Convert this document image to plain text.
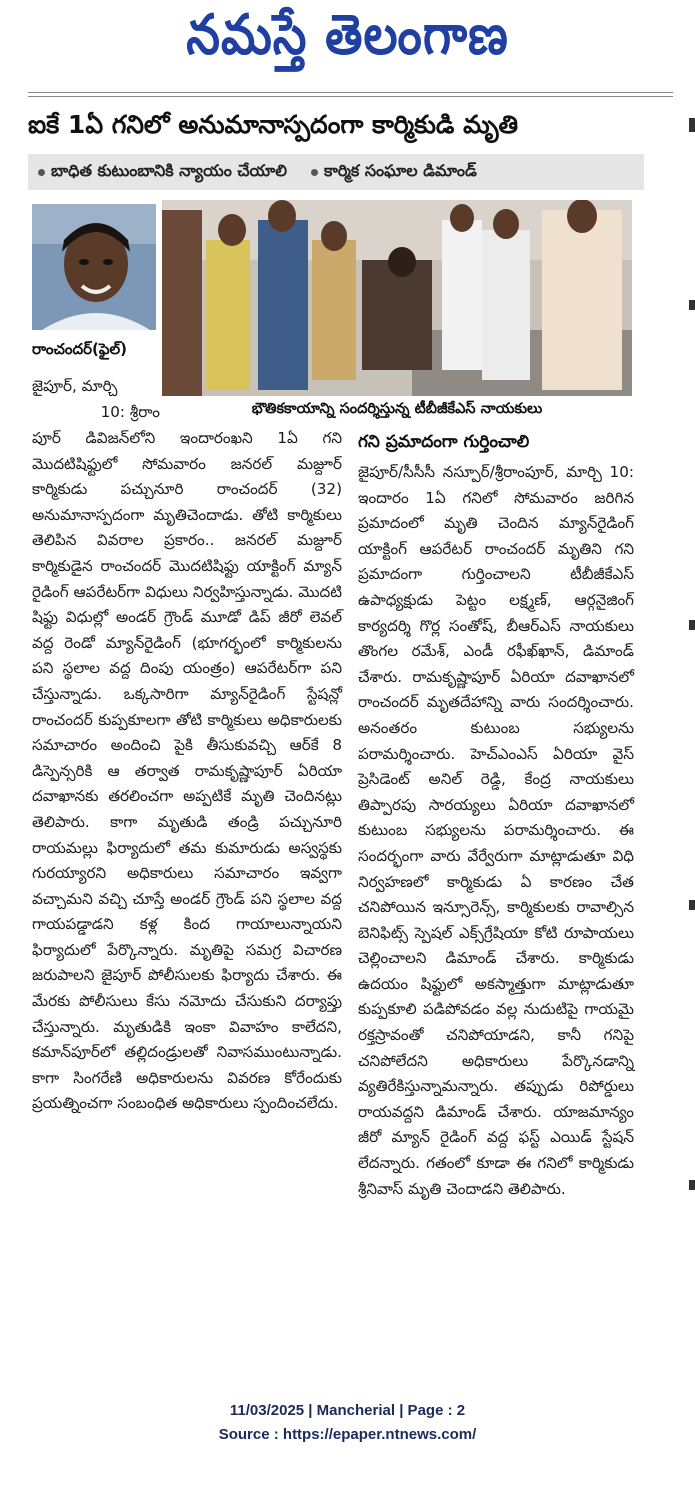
నమస్తే తెలంగాణ
ఐకే 1ఏ గనిలో అనుమానాస్పదంగా కార్మికుడి మృతి
బాధిత కుటుంబానికి న్యాయం చేయాలి కార్మిక సంఘాల డిమాండ్
రాంచందర్(ఫైల్)
భౌతికకాయాన్ని సందర్శిస్తున్న టీబీజీకేఎస్ నాయకులు

జైపూర్, మార్చి

10: శ్రీరాం

పూర్ డివిజన్‌లోని ఇందారంఖని 1ఏ గని మొదటిషిఫ్టులో సోమవారం జనరల్ మజ్దూర్ కార్మికుడు పచ్చునూరి రాంచందర్ (32) అనుమానాస్పదంగా మృతిచెందాడు. తోటి కార్మికులు తెలిపిన వివరాల ప్రకారం.. జనరల్ మజ్దూర్ కార్మికుడైన రాంచందర్ మొదటిషిఫ్టు యాక్టింగ్ మ్యాన్ రైడింగ్ ఆపరేటర్‌గా విధులు నిర్వహిస్తున్నాడు. మొదటి షిఫ్టు విధుల్లో అండర్ గ్రౌండ్ మూడో డిప్ జీరో లెవల్ వద్ద రెండో మ్యాన్‌రైడింగ్ (భూగర్భంలో కార్మికులను పని స్థలాల వద్ద దింపు యంత్రం) ఆపరేటర్‌గా పని చేస్తున్నాడు. ఒక్కసారిగా మ్యాన్‌రైడింగ్ స్టేషన్లో రాంచందర్ కుప్పకూలగా తోటి కార్మికులు అధికారులకు సమాచారం అందించి పైకి తీసుకువచ్చి ఆర్‌కే 8 డిస్పెన్సరికి ఆ తర్వాత రామకృష్ణాపూర్ ఏరియా దవాఖానకు తరలించగా అప్పటికే మృతి చెందినట్లు తెలిపారు. కాగా మృతుడి తండ్రి పచ్చునూరి రాయమల్లు ఫిర్యాదులో తమ కుమారుడు అస్వస్థకు గురయ్యారని అధికారులు సమాచారం ఇవ్వగా వచ్చామని వచ్చి చూస్తే అండర్ గ్రౌండ్ పని స్థలాల వద్ద గాయపడ్డాడని కళ్ల కింద గాయాలున్నాయని ఫిర్యాదులో పేర్కొన్నారు. మృతిపై సమగ్ర విచారణ జరుపాలని జైపూర్ పోలీసులకు ఫిర్యాదు చేశారు. ఈ మేరకు పోలీసులు కేసు నమోదు చేసుకుని దర్యాప్తు చేస్తున్నారు. మృతుడికి ఇంకా వివాహం కాలేదని, కమాన్‌పూర్‌లో తల్లిదండ్రులతో నివాసముంటున్నాడు. కాగా సింగరేణి అధికారులను వివరణ కోరేందుకు ప్రయత్నించగా సంబంధిత అధికారులు స్పందించలేదు.

గని ప్రమాదంగా గుర్తించాలి

జైపూర్/సీసీసీ నస్పూర్/శ్రీరాంపూర్, మార్చి 10: ఇందారం 1ఏ గనిలో సోమవారం జరిగిన ప్రమాదంలో మృతి చెందిన మ్యాన్‌రైడింగ్ యాక్టింగ్ ఆపరేటర్ రాంచందర్ మృతిని గని ప్రమాదంగా గుర్తించాలని టీబీజీకేఎస్ ఉపాధ్యక్షుడు పెట్టం లక్ష్మణ్, ఆర్గనైజింగ్ కార్యదర్శి గొర్ల సంతోష్, బీఆర్‌ఎస్ నాయకులు తొంగల రమేశ్, ఎండీ రఫీఖ్‌ఖాన్, డిమాండ్ చేశారు. రామకృష్ణాపూర్ ఏరియా దవాఖానలో రాంచందర్ మృతదేహాన్ని వారు సందర్శించారు. అనంతరం కుటుంబ సభ్యులను పరామర్శించారు. హెచ్‌ఎంఎస్ ఏరియా వైస్ ప్రెసిడెంట్ అనిల్ రెడ్డి, కేంద్ర నాయకులు తిప్పారపు సారయ్యలు ఏరియా దవాఖానలో కుటుంబ సభ్యులను పరామర్శించారు. ఈ సందర్భంగా వారు వేర్వేరుగా మాట్లాడుతూ విధి నిర్వహణలో కార్మికుడు ఏ కారణం చేత చనిపోయిన ఇన్సూరెన్స్, కార్మికులకు రావాల్సిన బెనిఫిట్స్ స్పెషల్ ఎక్స్‌గ్రేషియా కోటి రూపాయలు చెల్లించాలని డిమాండ్ చేశారు. కార్మికుడు ఉదయం షిఫ్టులో అకస్మాత్తుగా మాట్లాడుతూ కుప్పకూలి పడిపోవడం వల్ల నుదుటిపై గాయమై రక్తస్రావంతో చనిపోయాడని, కానీ గనిపై చనిపోలేదని అధికారులు పేర్కొనడాన్ని వ్యతిరేకిస్తున్నామన్నారు. తప్పుడు రిపోర్డులు రాయవద్దని డిమాండ్ చేశారు. యాజమాన్యం జీరో మ్యాన్ రైడింగ్ వద్ద ఫస్ట్ ఎయిడ్ స్టేషన్ లేదన్నారు. గతంలో కూడా ఈ గనిలో కార్మికుడు శ్రీనివాస్ మృతి చెందాడని తెలిపారు.

11/03/2025 | Mancherial | Page : 2
Source : https://epaper.ntnews.com/
